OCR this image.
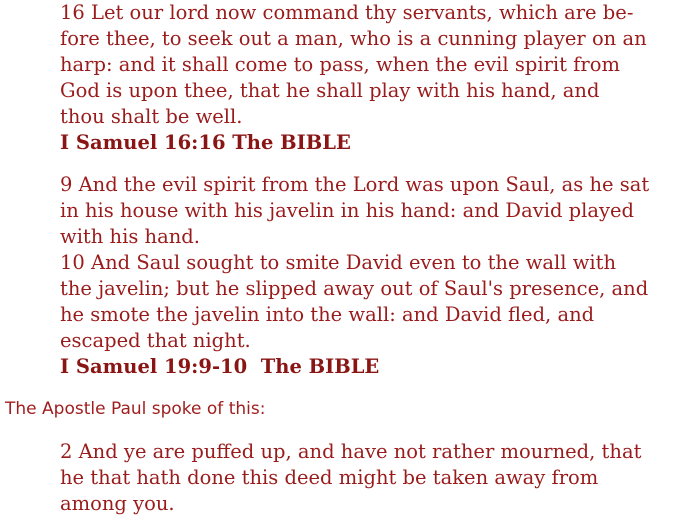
16 Let our lord now command thy servants, which are be-fore thee, to seek out a man, who is a cunning player on an harp: and it shall come to pass, when the evil spirit from God is upon thee, that he shall play with his hand, and thou shalt be well.

I Samuel 16:16 The BIBLE

9 And the evil spirit from the Lord was upon Saul, as he sat in his house with his javelin in his hand: and David played with his hand.

10 And Saul sought to smite David even to the wall with the javelin; but he slipped away out of Saul's presence, and he smote the javelin into the wall: and David fled, and escaped that night.

I Samuel 19:9-10  The BIBLE

The Apostle Paul spoke of this:

2 And ye are puffed up, and have not rather mourned, that he that hath done this deed might be taken away from among you.
